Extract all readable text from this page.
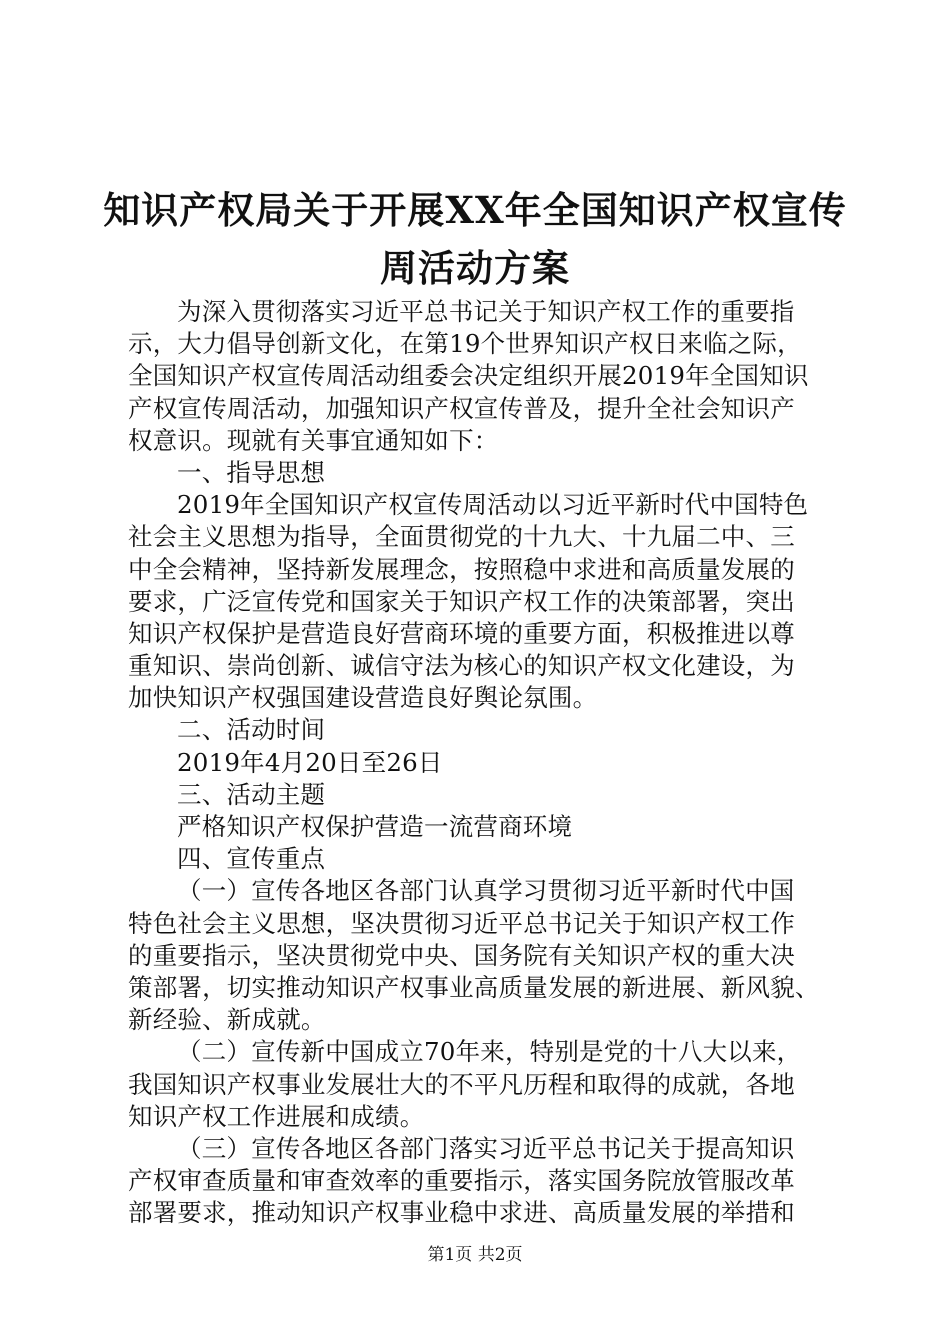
知识产权局关于开展XX年全国知识产权宣传
周活动方案
为深入贯彻落实习近平总书记关于知识产权工作的重要指
示，大力倡导创新文化，在第19个世界知识产权日来临之际，
全国知识产权宣传周活动组委会决定组织开展2019年全国知识
产权宣传周活动，加强知识产权宣传普及，提升全社会知识产
权意识。现就有关事宜通知如下：
一、指导思想
2019年全国知识产权宣传周活动以习近平新时代中国特色
社会主义思想为指导，全面贯彻党的十九大、十九届二中、三
中全会精神，坚持新发展理念，按照稳中求进和高质量发展的
要求，广泛宣传党和国家关于知识产权工作的决策部署，突出
知识产权保护是营造良好营商环境的重要方面，积极推进以尊
重知识、崇尚创新、诚信守法为核心的知识产权文化建设，为
加快知识产权强国建设营造良好舆论氛围。
二、活动时间
2019年4月20日至26日
三、活动主题
严格知识产权保护营造一流营商环境
四、宣传重点
（一）宣传各地区各部门认真学习贯彻习近平新时代中国
特色社会主义思想，坚决贯彻习近平总书记关于知识产权工作
的重要指示，坚决贯彻党中央、国务院有关知识产权的重大决
策部署，切实推动知识产权事业高质量发展的新进展、新风貌、
新经验、新成就。
（二）宣传新中国成立70年来，特别是党的十八大以来，
我国知识产权事业发展壮大的不平凡历程和取得的成就，各地
知识产权工作进展和成绩。
（三）宣传各地区各部门落实习近平总书记关于提高知识
产权审查质量和审查效率的重要指示，落实国务院放管服改革
部署要求，推动知识产权事业稳中求进、高质量发展的举措和
第1页 共2页
